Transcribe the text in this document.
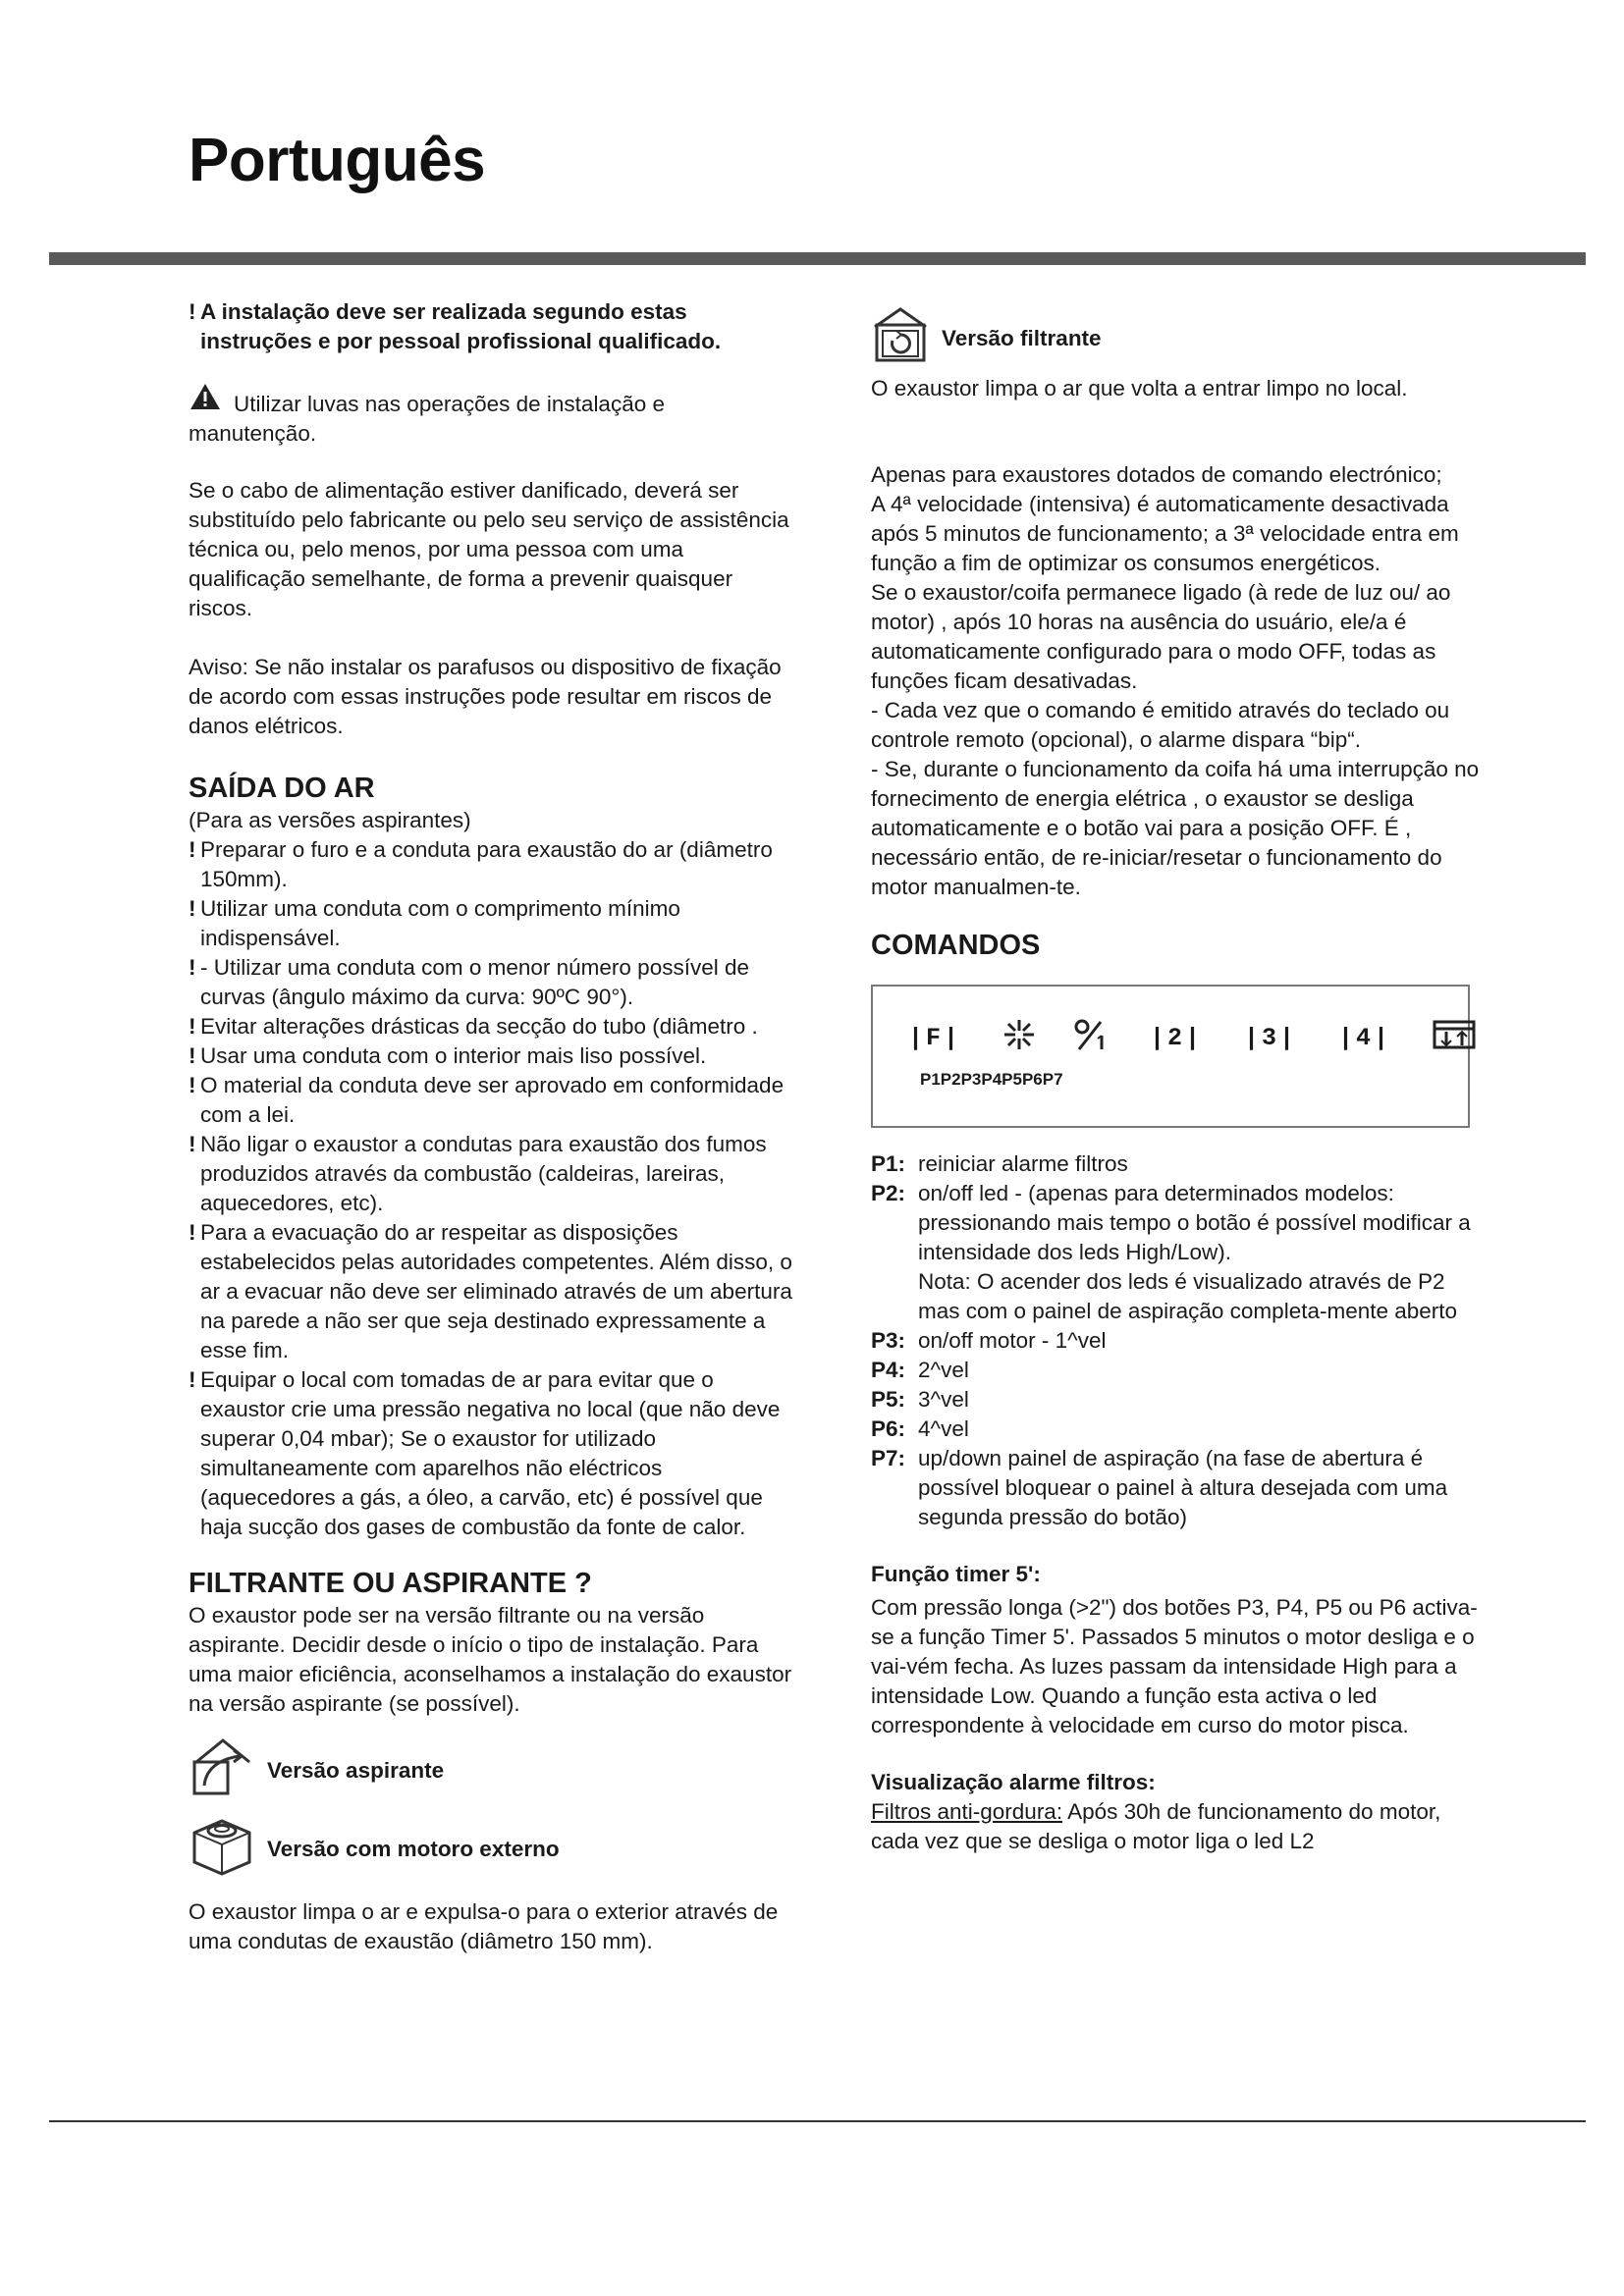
Português
! A instalação deve ser realizada segundo estas instruções e por pessoal profissional qualificado.

Utilizar luvas nas operações de instalação e manutenção.

Se o cabo de alimentação estiver danificado, deverá ser substituído pelo fabricante ou pelo seu serviço de assistência técnica ou, pelo menos, por uma pessoa com uma qualificação semelhante, de forma a prevenir quaisquer riscos.

Aviso: Se não instalar os parafusos ou dispositivo de fixação de acordo com essas instruções pode resultar em riscos de danos elétricos.

SAÍDA DO AR

(Para as versões aspirantes)

! Preparar o furo e a conduta para exaustão do ar (diâmetro 150mm).
! Utilizar uma conduta com o comprimento mínimo indispensável.
! - Utilizar uma conduta com o menor número possível de curvas (ângulo máximo da curva: 90ºC 90°).
! Evitar alterações drásticas da secção do tubo (diâmetro .
! Usar uma conduta com o interior mais liso possível.
! O material da conduta deve ser aprovado em conformidade com a lei.
! Não ligar o exaustor a condutas para exaustão dos fumos produzidos através da combustão (caldeiras, lareiras, aquecedores, etc).
! Para a evacuação do ar respeitar as disposições estabelecidos pelas autoridades competentes. Além disso, o ar a evacuar não deve ser eliminado através de um abertura na parede a não ser que seja destinado expressamente a esse fim.
! Equipar o local com tomadas de ar para evitar que o exaustor crie uma pressão negativa no local (que não deve superar 0,04 mbar); Se o exaustor for utilizado simultaneamente com aparelhos não eléctricos (aquecedores a gás, a óleo, a carvão, etc) é possível que haja sucção dos gases de combustão da fonte de calor.
FILTRANTE OU ASPIRANTE ?

O exaustor pode ser na versão filtrante ou na versão aspirante. Decidir desde o início o tipo de instalação. Para uma maior eficiência, aconselhamos a instalação do exaustor na versão aspirante (se possível).

Versão aspirante
Versão com motoro externo

O exaustor limpa o ar e expulsa-o para o exterior através de uma condutas de exaustão (diâmetro 150 mm).

Versão filtrante

O exaustor limpa o ar que volta a entrar limpo no local.

Apenas para exaustores dotados de comando electrónico;

A 4ª velocidade (intensiva) é automaticamente desactivada após 5 minutos de funcionamento; a 3ª velocidade entra em função a fim de optimizar os consumos energéticos.

Se o exaustor/coifa permanece ligado (à rede de luz ou/ ao motor) , após 10 horas na ausência do usuário, ele/a é automaticamente configurado para o modo OFF, todas as funções ficam desativadas.

- Cada vez que o comando é emitido através do teclado ou controle remoto (opcional), o alarme dispara “bip“.

- Se, durante o funcionamento da coifa há uma interrupção no fornecimento de energia elétrica , o exaustor se desliga automaticamente e o botão vai para a posição OFF. É , necessário então, de re-iniciar/resetar o funcionamento do motor manualmen-te.

COMANDOS
|F|	|2| |3| |4|
P1P2P3P4P5P6P7
P1: reiniciar alarme filtros
P2: on/off led - (apenas para determinados modelos: pressionando mais tempo o botão é possível modificar a intensidade dos leds High/Low).

Nota: O acender dos leds é visualizado através de P2 mas com o painel de aspiração completa-mente aberto

P3: on/off motor - 1^vel
P4: 2^vel
P5: 3^vel
P6: 4^vel
P7: up/down painel de aspiração (na fase de abertura é possível bloquear o painel à altura desejada com uma segunda pressão do botão)

Função timer 5':

Com pressão longa (>2") dos botões P3, P4, P5 ou P6 activa-se a função Timer 5'. Passados 5 minutos o motor desliga e o vai-vém fecha. As luzes passam da intensidade High para a intensidade Low. Quando a função esta activa o led correspondente à velocidade em curso do motor pisca.

Visualização alarme filtros:

Filtros anti-gordura: Após 30h de funcionamento do motor, cada vez que se desliga o motor liga o led L2
